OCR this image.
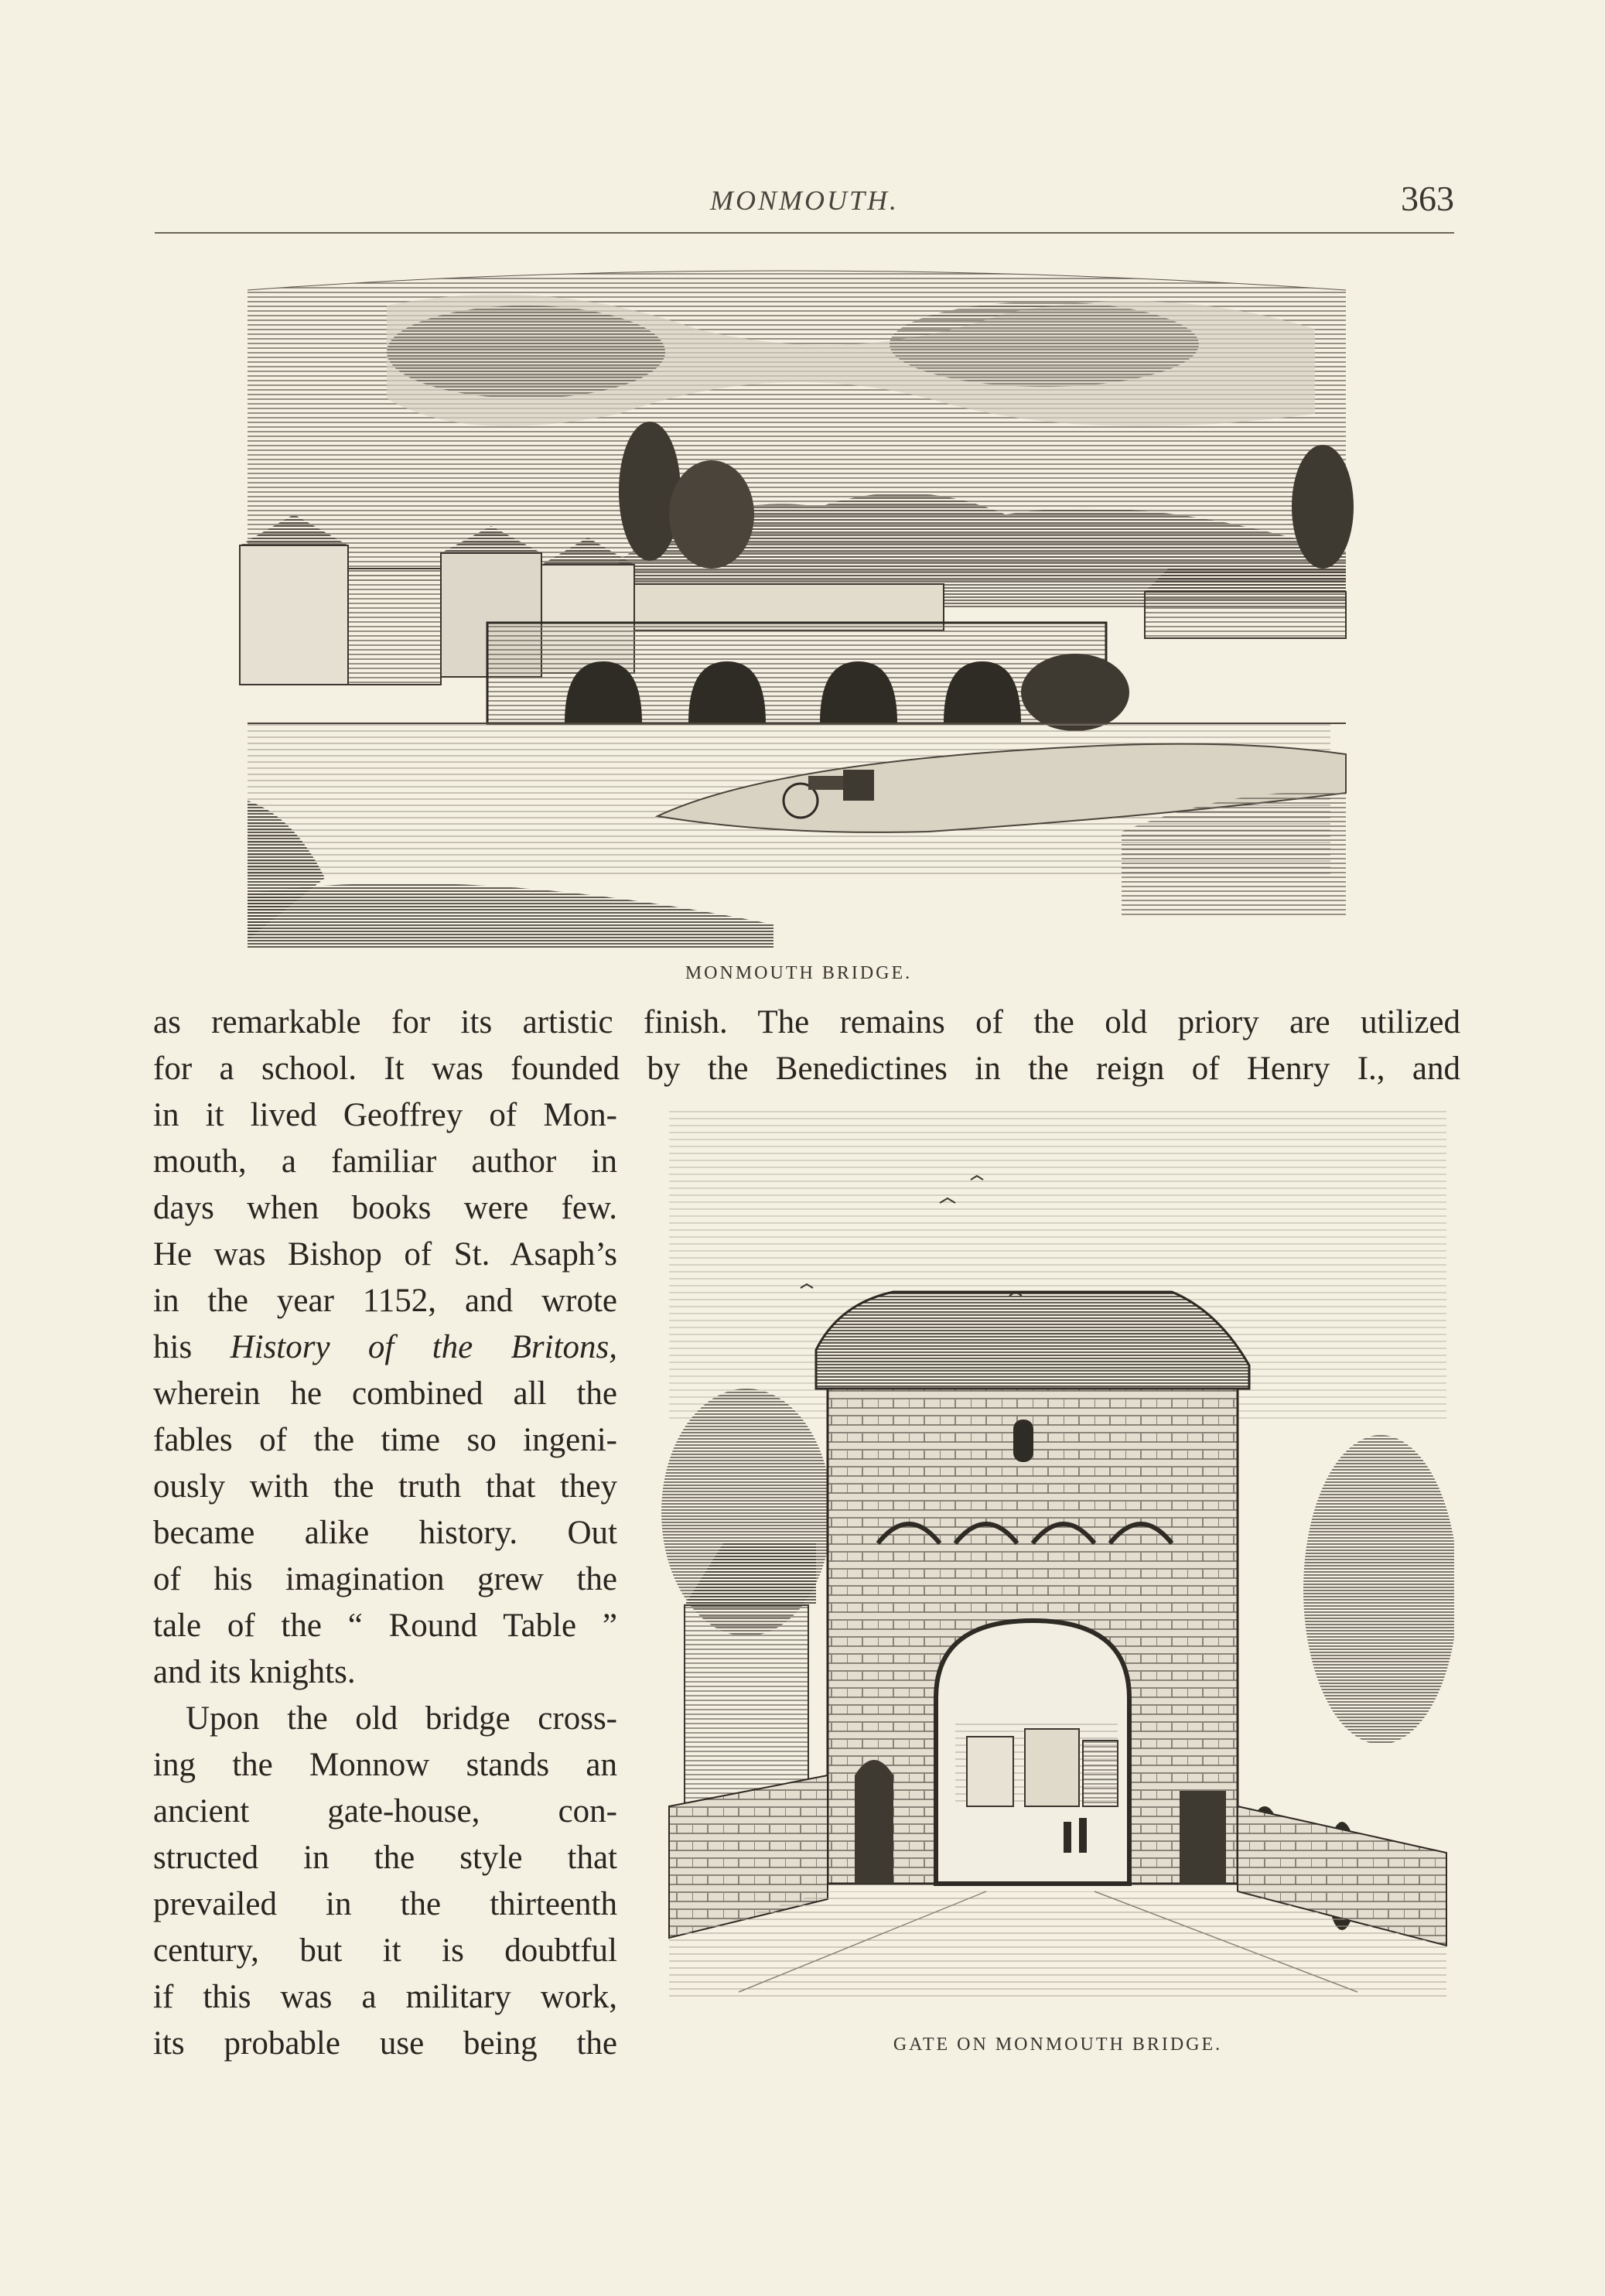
MONMOUTH.	363
MONMOUTH BRIDGE.
as remarkable for its artistic finish. The remains of the old priory are utilized
for a school. It was founded by the Benedictines in the reign of Henry I., and
GATE ON MONMOUTH BRIDGE.
in it lived Geoffrey of Mon-
mouth, a familiar author in
days when books were few.
He was Bishop of St. Asaph’s
in the year 1152, and wrote
his History of the Britons,
wherein he combined all the
fables of the time so ingeni-
ously with the truth that they
became alike history. Out
of his imagination grew the
tale of the “ Round Table ”
and its knights.
Upon the old bridge cross-
ing the Monnow stands an
ancient gate-house, con-
structed in the style that
prevailed in the thirteenth
century, but it is doubtful
if this was a military work,
its probable use being the
